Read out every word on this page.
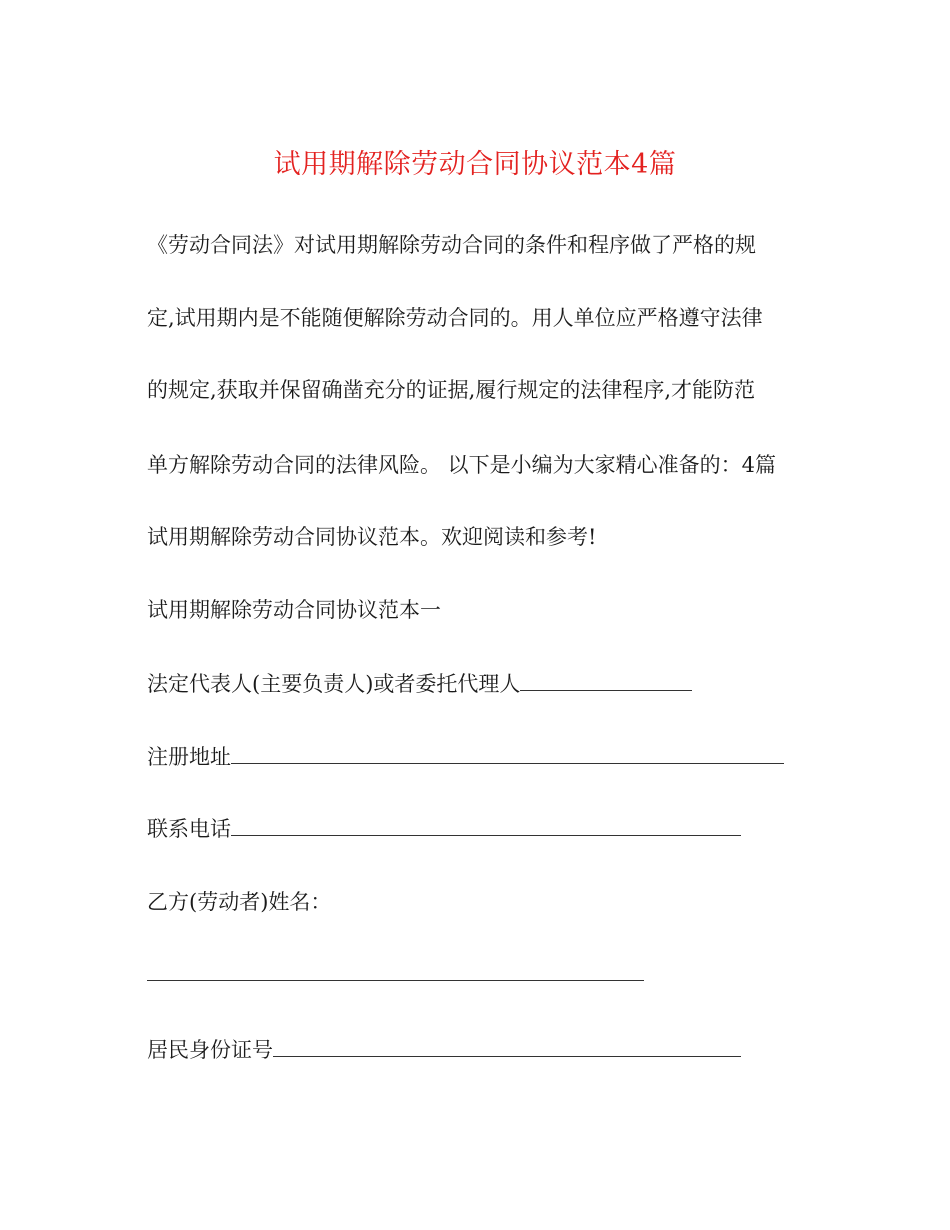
试用期解除劳动合同协议范本4篇

《劳动合同法》对试用期解除劳动合同的条件和程序做了严格的规

定,试用期内是不能随便解除劳动合同的。用人单位应严格遵守法律

的规定,获取并保留确凿充分的证据,履行规定的法律程序,才能防范

单方解除劳动合同的法律风险。 以下是小编为大家精心准备的：4篇

试用期解除劳动合同协议范本。欢迎阅读和参考!

试用期解除劳动合同协议范本一

法定代表人(主要负责人)或者委托代理人

注册地址

联系电话

乙方(劳动者)姓名：

居民身份证号
